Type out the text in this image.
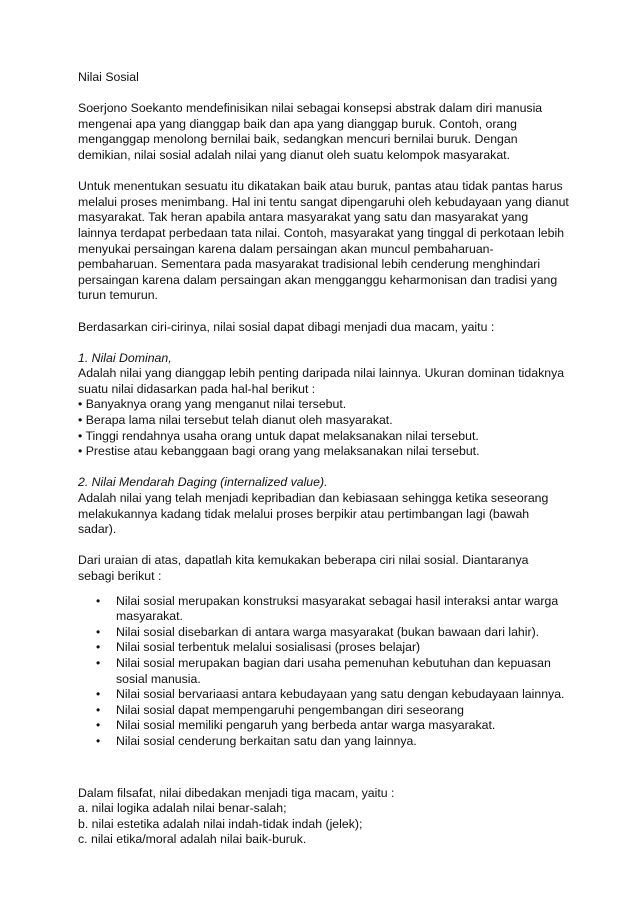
Nilai Sosial

Soerjono Soekanto mendefinisikan nilai sebagai konsepsi abstrak dalam diri manusia

mengenai apa yang dianggap baik dan apa yang dianggap buruk. Contoh, orang

menganggap menolong bernilai baik, sedangkan mencuri bernilai buruk. Dengan

demikian, nilai sosial adalah nilai yang dianut oleh suatu kelompok masyarakat.

Untuk menentukan sesuatu itu dikatakan baik atau buruk, pantas atau tidak pantas harus

melalui proses menimbang. Hal ini tentu sangat dipengaruhi oleh kebudayaan yang dianut

masyarakat. Tak heran apabila antara masyarakat yang satu dan masyarakat yang

lainnya terdapat perbedaan tata nilai. Contoh, masyarakat yang tinggal di perkotaan lebih

menyukai persaingan karena dalam persaingan akan muncul pembaharuan-

pembaharuan. Sementara pada masyarakat tradisional lebih cenderung menghindari

persaingan karena dalam persaingan akan mengganggu keharmonisan dan tradisi yang

turun temurun.

Berdasarkan ciri-cirinya, nilai sosial dapat dibagi menjadi dua macam, yaitu :

1. Nilai Dominan,

Adalah nilai yang dianggap lebih penting daripada nilai lainnya. Ukuran dominan tidaknya

suatu nilai didasarkan pada hal-hal berikut :

• Banyaknya orang yang menganut nilai tersebut.

• Berapa lama nilai tersebut telah dianut oleh masyarakat.

• Tinggi rendahnya usaha orang untuk dapat melaksanakan nilai tersebut.

• Prestise atau kebanggaan bagi orang yang melaksanakan nilai tersebut.

2. Nilai Mendarah Daging (internalized value).

Adalah nilai yang telah menjadi kepribadian dan kebiasaan sehingga ketika seseorang

melakukannya kadang tidak melalui proses berpikir atau pertimbangan lagi (bawah

sadar).

Dari uraian di atas, dapatlah kita kemukakan beberapa ciri nilai sosial. Diantaranya

sebagi berikut :

• Nilai sosial merupakan konstruksi masyarakat sebagai hasil interaksi antar warga
masyarakat.
• Nilai sosial disebarkan di antara warga masyarakat (bukan bawaan dari lahir).
• Nilai sosial terbentuk melalui sosialisasi (proses belajar)
• Nilai sosial merupakan bagian dari usaha pemenuhan kebutuhan dan kepuasan
sosial manusia.
• Nilai sosial bervariaasi antara kebudayaan yang satu dengan kebudayaan lainnya.
• Nilai sosial dapat mempengaruhi pengembangan diri seseorang
• Nilai sosial memiliki pengaruh yang berbeda antar warga masyarakat.
• Nilai sosial cenderung berkaitan satu dan yang lainnya.

Dalam filsafat, nilai dibedakan menjadi tiga macam, yaitu :

a. nilai logika adalah nilai benar-salah;

b. nilai estetika adalah nilai indah-tidak indah (jelek);

c. nilai etika/moral adalah nilai baik-buruk.
